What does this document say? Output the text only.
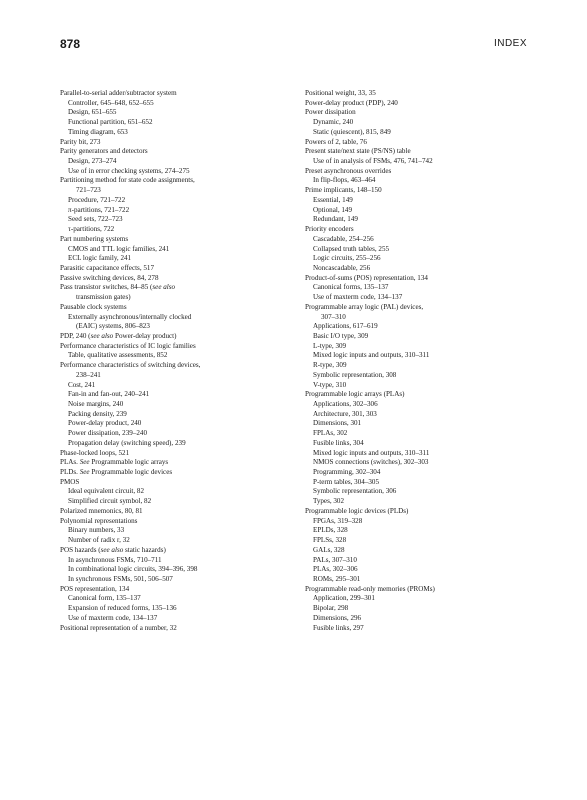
878	INDEX
Parallel-to-serial adder/subtractor system
Controller, 645–648, 652–655
Design, 651–655
Functional partition, 651–652
Timing diagram, 653
Parity bit, 273
Parity generators and detectors
Design, 273–274
Use of in error checking systems, 274–275
Partitioning method for state code assignments,
721–723
Procedure, 721–722
π-partitions, 721–722
Seed sets, 722–723
τ-partitions, 722
Part numbering systems
CMOS and TTL logic families, 241
ECL logic family, 241
Parasitic capacitance effects, 517
Passive switching devices, 84, 278
Pass transistor switches, 84–85 (see also
transmission gates)
Pausable clock systems
Externally asynchronous/internally clocked
(EAIC) systems, 806–823
PDP, 240 (see also Power-delay product)
Performance characteristics of IC logic families
Table, qualitative assessments, 852
Performance characteristics of switching devices,
238–241
Cost, 241
Fan-in and fan-out, 240–241
Noise margins, 240
Packing density, 239
Power-delay product, 240
Power dissipation, 239–240
Propagation delay (switching speed), 239
Phase-locked loops, 521
PLAs. See Programmable logic arrays
PLDs. See Programmable logic devices
PMOS
Ideal equivalent circuit, 82
Simplified circuit symbol, 82
Polarized mnemonics, 80, 81
Polynomial representations
Binary numbers, 33
Number of radix r, 32
POS hazards (see also static hazards)
In asynchronous FSMs, 710–711
In combinational logic circuits, 394–396, 398
In synchronous FSMs, 501, 506–507
POS representation, 134
Canonical form, 135–137
Expansion of reduced forms, 135–136
Use of maxterm code, 134–137
Positional representation of a number, 32
Positional weight, 33, 35
Power-delay product (PDP), 240
Power dissipation
Dynamic, 240
Static (quiescent), 815, 849
Powers of 2, table, 76
Present state/next state (PS/NS) table
Use of in analysis of FSMs, 476, 741–742
Preset asynchronous overrides
In flip-flops, 463–464
Prime implicants, 148–150
Essential, 149
Optional, 149
Redundant, 149
Priority encoders
Cascadable, 254–256
Collapsed truth tables, 255
Logic circuits, 255–256
Noncascadable, 256
Product-of-sums (POS) representation, 134
Canonical forms, 135–137
Use of maxterm code, 134–137
Programmable array logic (PAL) devices,
307–310
Applications, 617–619
Basic I/O type, 309
L-type, 309
Mixed logic inputs and outputs, 310–311
R-type, 309
Symbolic representation, 308
V-type, 310
Programmable logic arrays (PLAs)
Applications, 302–306
Architecture, 301, 303
Dimensions, 301
FPLAs, 302
Fusible links, 304
Mixed logic inputs and outputs, 310–311
NMOS connections (switches), 302–303
Programming, 302–304
P-term tables, 304–305
Symbolic representation, 306
Types, 302
Programmable logic devices (PLDs)
FPGAs, 319–328
EPLDs, 328
FPLSs, 328
GALs, 328
PALs, 307–310
PLAs, 302–306
ROMs, 295–301
Programmable read-only memories (PROMs)
Application, 299–301
Bipolar, 298
Dimensions, 296
Fusible links, 297
